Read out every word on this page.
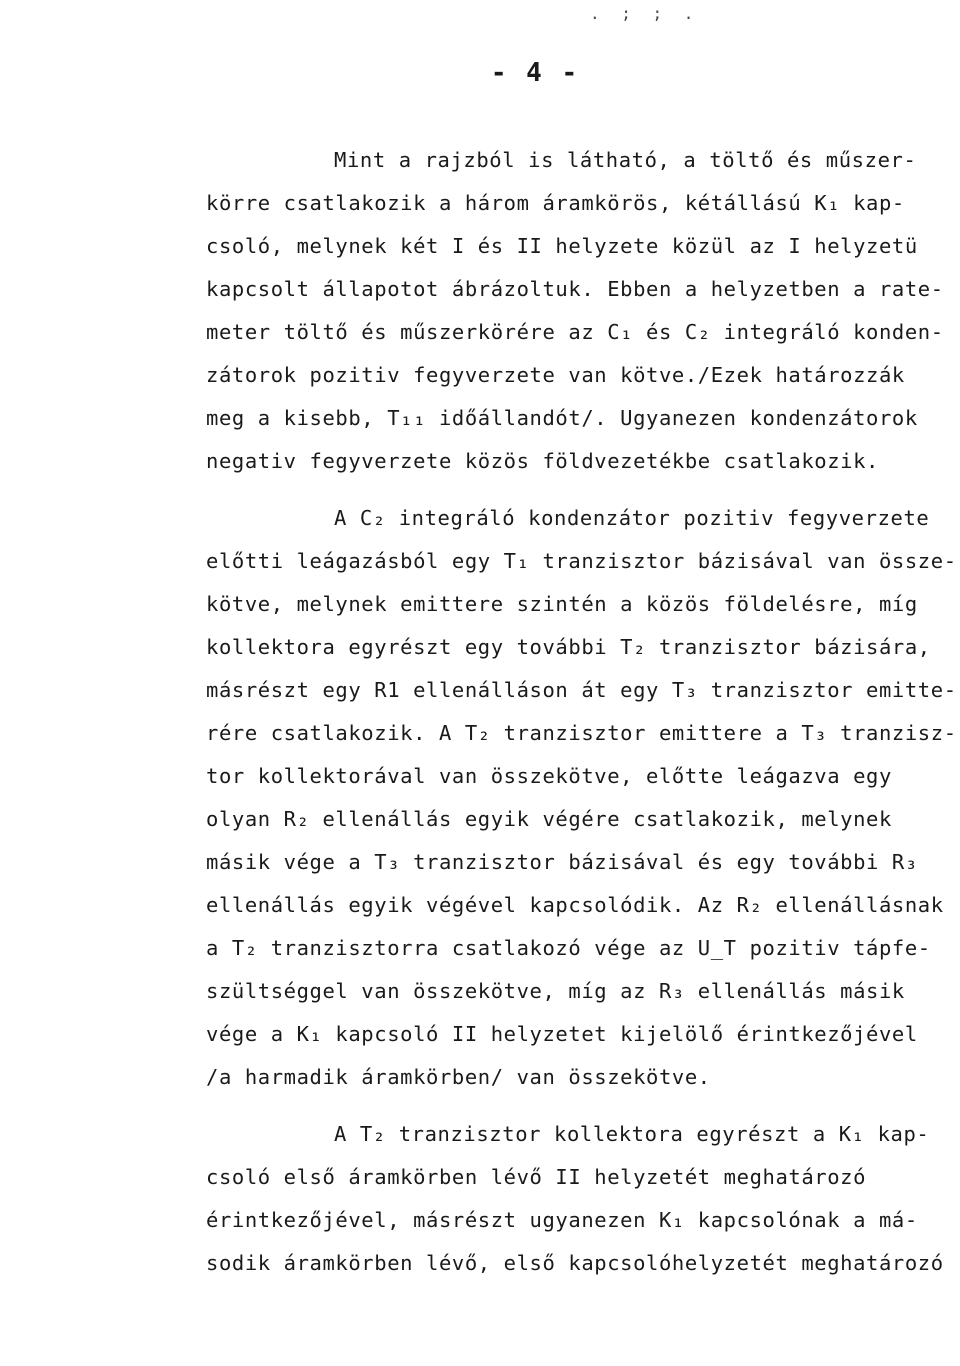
. ; ; .
- 4 -
Mint a rajzból is látható, a töltő és műszer-
körre csatlakozik a három áramkörös, kétállású K₁ kap-
csoló, melynek két I és II helyzete közül az I helyzetü
kapcsolt állapotot ábrázoltuk. Ebben a helyzetben a rate-
meter töltő és műszerkörére az C₁ és C₂ integráló konden-
zátorok pozitiv fegyverzete van kötve./Ezek határozzák
meg a kisebb, T₁₁ időállandót/. Ugyanezen kondenzátorok
negativ fegyverzete közös földvezetékbe csatlakozik.
A C₂ integráló kondenzátor pozitiv fegyverzete
előtti leágazásból egy T₁ tranzisztor bázisával van össze-
kötve, melynek emittere szintén a közös földelésre, míg
kollektora egyrészt egy további T₂ tranzisztor bázisára,
másrészt egy R1 ellenálláson át egy T₃ tranzisztor emitte-
rére csatlakozik. A T₂ tranzisztor emittere a T₃ tranzisz-
tor kollektorával van összekötve, előtte leágazva egy
olyan R₂ ellenállás egyik végére csatlakozik, melynek
másik vége a T₃ tranzisztor bázisával és egy további R₃
ellenállás egyik végével kapcsolódik. Az R₂ ellenállásnak
a T₂ tranzisztorra csatlakozó vége az U_T pozitiv tápfe-
szültséggel van összekötve, míg az R₃ ellenállás másik
vége a K₁ kapcsoló II helyzetet kijelölő érintkezőjével
/a harmadik áramkörben/ van összekötve.
A T₂ tranzisztor kollektora egyrészt a K₁ kap-
csoló első áramkörben lévő II helyzetét meghatározó
érintkezőjével, másrészt ugyanezen K₁ kapcsolónak a má-
sodik áramkörben lévő, első kapcsolóhelyzetét meghatározó
